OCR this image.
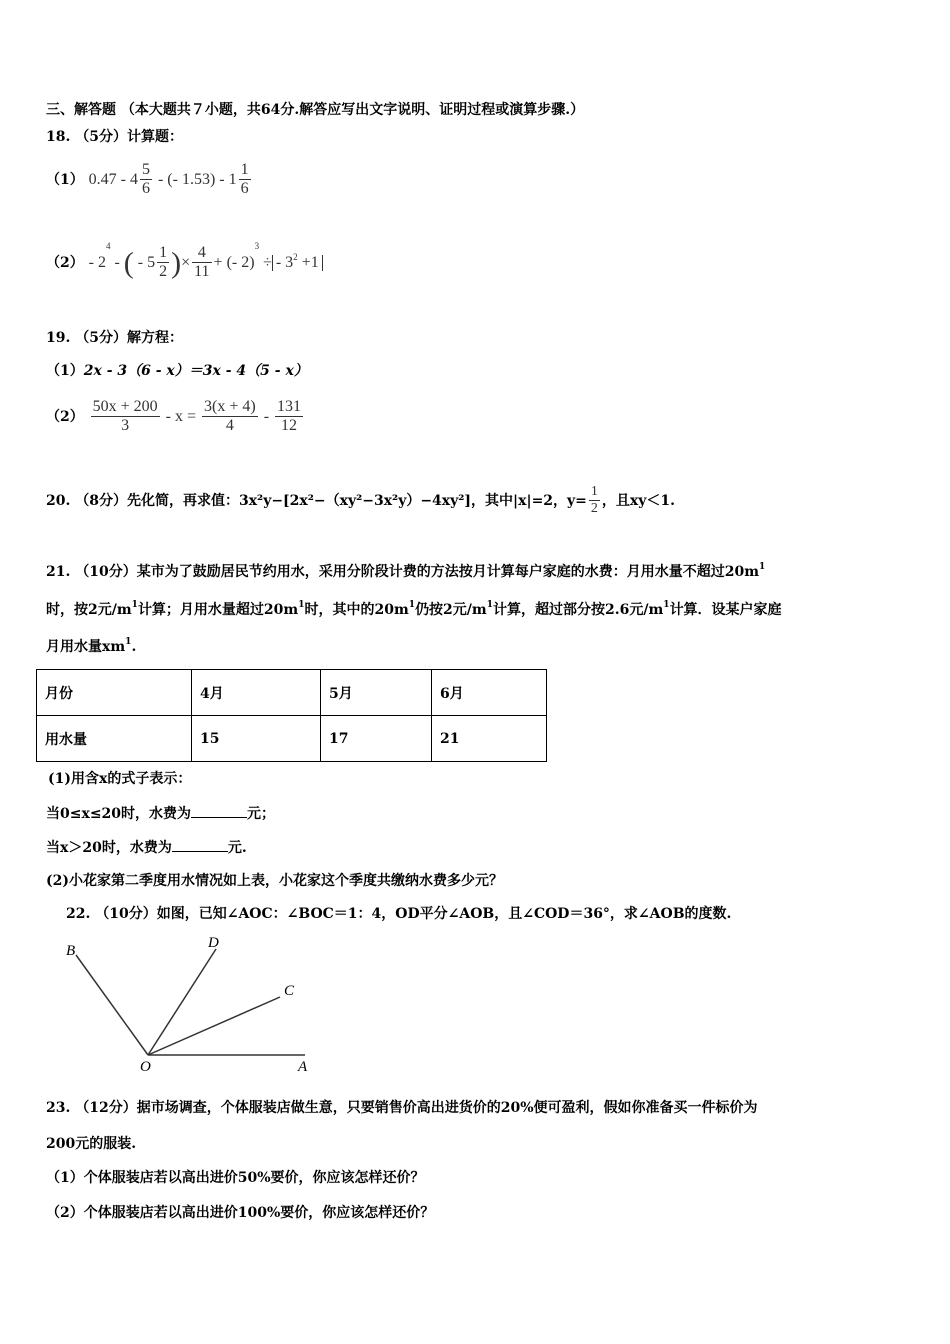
三、解答题 （本大题共７小题，共64分.解答应写出文字说明、证明过程或演算步骤.）
18. （5分）计算题：
（1） $0.47 - 4 \frac{5}{6}$ - (- $1.53) - 1 \frac{1}{6}$
$(2) - 2^4$ - ( - $5 \frac{1}{2}$ )× $\frac{4}{11}$ + (- 2)$^3$ ÷ - $3^2 +1$
19. （5分）解方程：
（1）2x - 3（6 - x）＝3x - 4（5 - x）
$(2) \frac{50x + 200}{3} - x = \frac{3(x + 4)}{4} - \frac{131}{12}$
20. （8分）先化简，再求值：3x²y−[2x²−（xy²−3x²y）−4xy²]，其中|x|=2，$y= \frac{1}{2}$ ，且xy＜1.
21. （10分）某市为了鼓励居民节约用水，采用分阶段计费的方法按月计算每户家庭的水费：月用水量不超过$20m^1$
时，按2元$/m^1$计算；月用水量超过$20m^1$时，其中的$20m^1$仍按2元$/m^1$计算，超过部分按2.6元$/m^1$计算．设某户家庭
月用水量$xm^1$.
月份	4月	5月	6月
用水量	15	17	21
(1)用含x的式子表示：
当0≤x≤20时，水费为	元；
当x＞20时，水费为	元.
(2)小花家第二季度用水情况如上表，小花家这个季度共缴纳水费多少元？
22. （10分）如图，已知∠AOC：∠BOC＝1：4，OD平分∠AOB，且∠COD＝36°，求∠AOB的度数.
B	D
C
O	A
23. （12分）据市场调查，个体服装店做生意，只要销售价高出进货价的20%便可盈利，假如你准备买一件标价为
200元的服装.
（1）个体服装店若以高出进价50%要价，你应该怎样还价？
（2）个体服装店若以高出进价100%要价，你应该怎样还价？
